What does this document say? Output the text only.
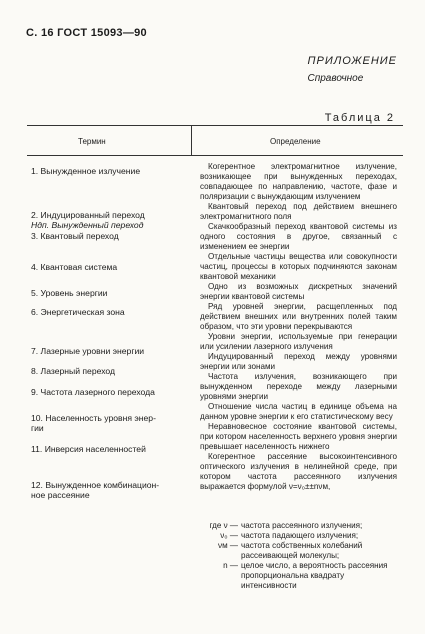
С. 16 ГОСТ 15093—90
ПРИЛОЖЕНИЕ
Справочное
Таблица 2
Термин	Определение
1. Вынужденное излучение
2. Индуцированный переход
Ндп. Вынужденный переход
3. Квантовый переход
4. Квантовая система
5. Уровень энергии
6. Энергетическая зона
7. Лазерные уровни энергии
8. Лазерный переход
9. Частота лазерного перехода
10. Населенность уровня энер-
гии
11. Инверсия населенностей
12. Вынужденное комбинацион-
ное рассеяние
Когерентное электромагнитное излучение, возникающее при вынужденных переходах, совпадающее по направлению, частоте, фазе и поляризации с вынуждающим излучением
Квантовый переход под действием внешнего электромагнитного поля
Скачкообразный переход квантовой системы из одного состояния в другое, связанный с изменением ее энергии
Отдельные частицы вещества или совокупности частиц, процессы в которых подчиняются законам квантовой механики
Одно из возможных дискретных значений энергии квантовой системы
Ряд уровней энергии, расщепленных под действием внешних или внутренних полей таким образом, что эти уровни перекрываются
Уровни энергии, используемые при генерации или усилении лазерного излучения
Индуцированный переход между уровнями энергии или зонами
Частота излучения, возникающего при вынужденном переходе между лазерными уровнями энергии
Отношение числа частиц в единице объема на данном уровне энергии к его статистическому весу
Неравновесное состояние квантовой системы, при котором населенность верхнего уровня энергии превышает населенность нижнего
Когерентное рассеяние высокоинтенсивного оптического излучения в нелинейной среде, при котором частота рассеянного излучения выражается формулой ν=ν₀±±nνм,
где ν — частота рассеянного излучения;
ν₀ — частота падающего излучения;
νм — частота собственных колебаний рассеивающей молекулы;
n — целое число, а вероятность рассеяния пропорциональна квадрату интенсивности
